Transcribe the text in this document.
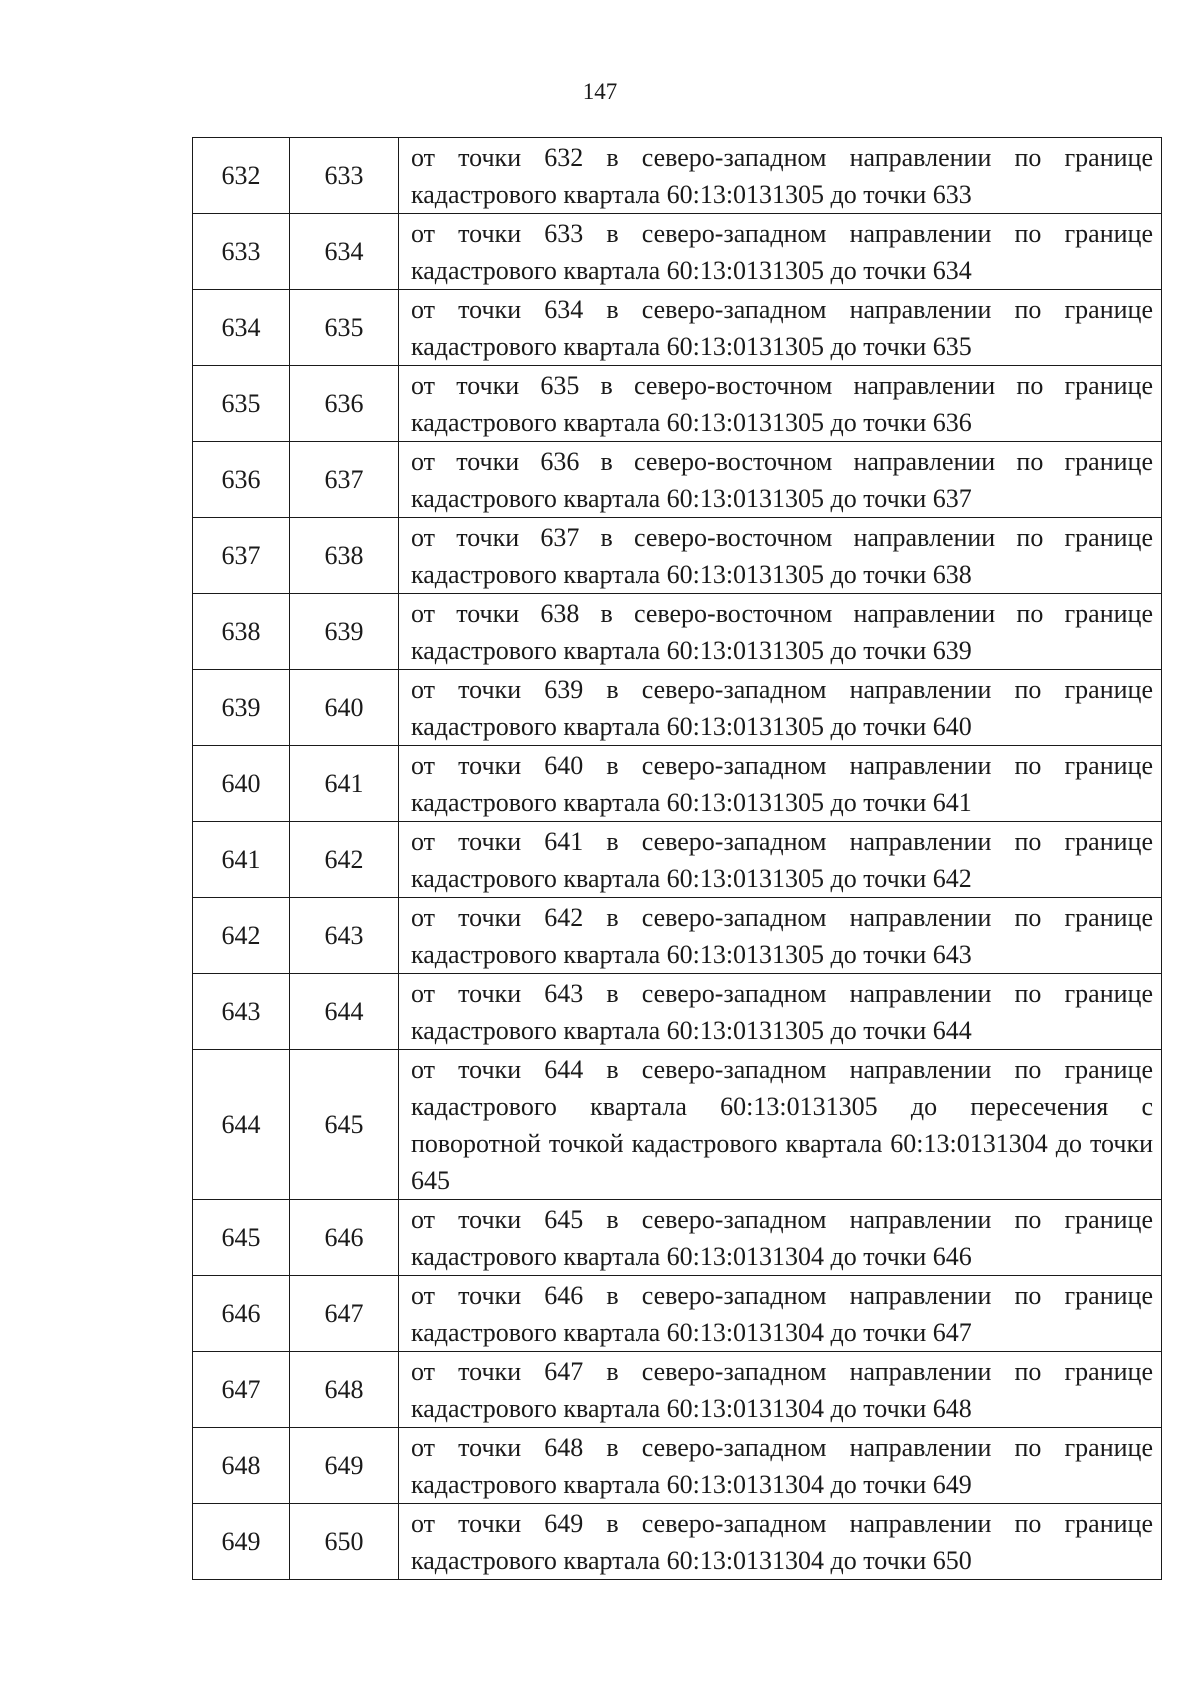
147
632	633	от точки 632 в северо-западном направлении по границе кадастрового квартала 60:13:0131305 до точки 633
633	634	от точки 633 в северо-западном направлении по границе кадастрового квартала 60:13:0131305 до точки 634
634	635	от точки 634 в северо-западном направлении по границе кадастрового квартала 60:13:0131305 до точки 635
635	636	от точки 635 в северо-восточном направлении по границе кадастрового квартала 60:13:0131305 до точки 636
636	637	от точки 636 в северо-восточном направлении по границе кадастрового квартала 60:13:0131305 до точки 637
637	638	от точки 637 в северо-восточном направлении по границе кадастрового квартала 60:13:0131305 до точки 638
638	639	от точки 638 в северо-восточном направлении по границе кадастрового квартала 60:13:0131305 до точки 639
639	640	от точки 639 в северо-западном направлении по границе кадастрового квартала 60:13:0131305 до точки 640
640	641	от точки 640 в северо-западном направлении по границе кадастрового квартала 60:13:0131305 до точки 641
641	642	от точки 641 в северо-западном направлении по границе кадастрового квартала 60:13:0131305 до точки 642
642	643	от точки 642 в северо-западном направлении по границе кадастрового квартала 60:13:0131305 до точки 643
643	644	от точки 643 в северо-западном направлении по границе кадастрового квартала 60:13:0131305 до точки 644
644	645	от точки 644 в северо-западном направлении по границе кадастрового квартала 60:13:0131305 до пересечения с поворотной точкой кадастрового квартала 60:13:0131304 до точки 645
645	646	от точки 645 в северо-западном направлении по границе кадастрового квартала 60:13:0131304 до точки 646
646	647	от точки 646 в северо-западном направлении по границе кадастрового квартала 60:13:0131304 до точки 647
647	648	от точки 647 в северо-западном направлении по границе кадастрового квартала 60:13:0131304 до точки 648
648	649	от точки 648 в северо-западном направлении по границе кадастрового квартала 60:13:0131304 до точки 649
649	650	от точки 649 в северо-западном направлении по границе кадастрового квартала 60:13:0131304 до точки 650
